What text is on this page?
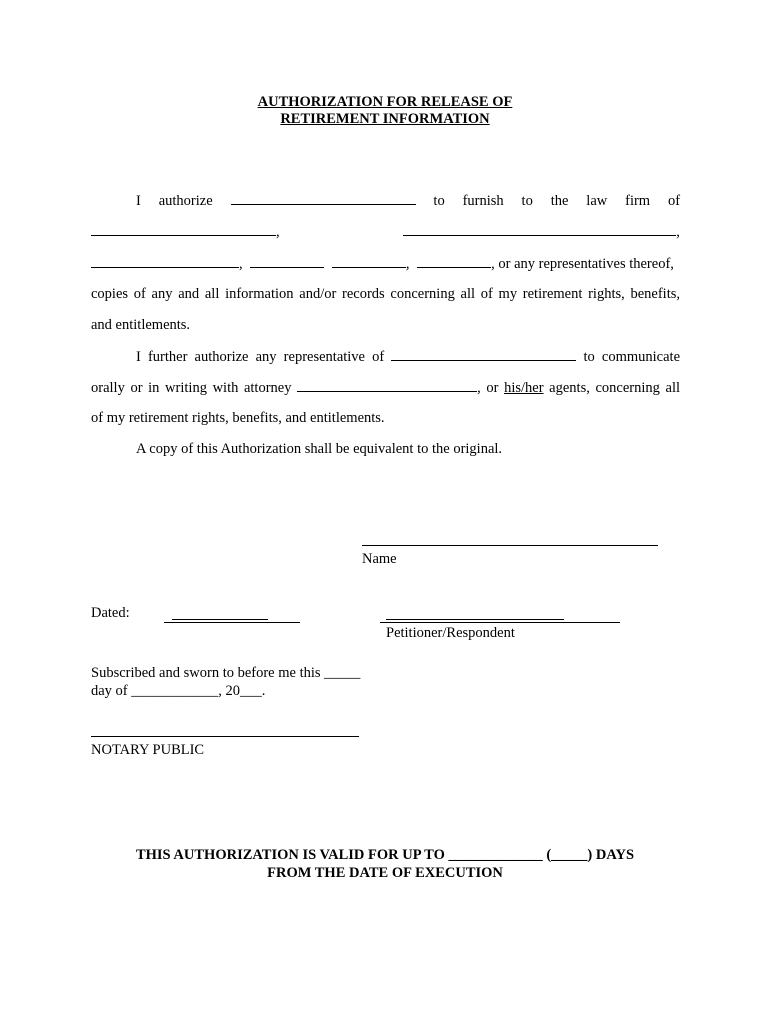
AUTHORIZATION FOR RELEASE OF
RETIREMENT INFORMATION
I authorize	to furnish to the law firm of
,	,
,	,	, or any representatives thereof,
copies of any and all information and/or records concerning all of my retirement rights, benefits,
and entitlements.
I further authorize any representative of	to communicate
orally or in writing with attorney	, or his/her agents, concerning all
of my retirement rights, benefits, and entitlements.
A copy of this Authorization shall be equivalent to the original.
Name
Dated:
Petitioner/Respondent
Subscribed and sworn to before me this _____
day of ____________, 20___.
NOTARY PUBLIC
THIS AUTHORIZATION IS VALID FOR UP TO _____________ (_____) DAYS
FROM THE DATE OF EXECUTION
